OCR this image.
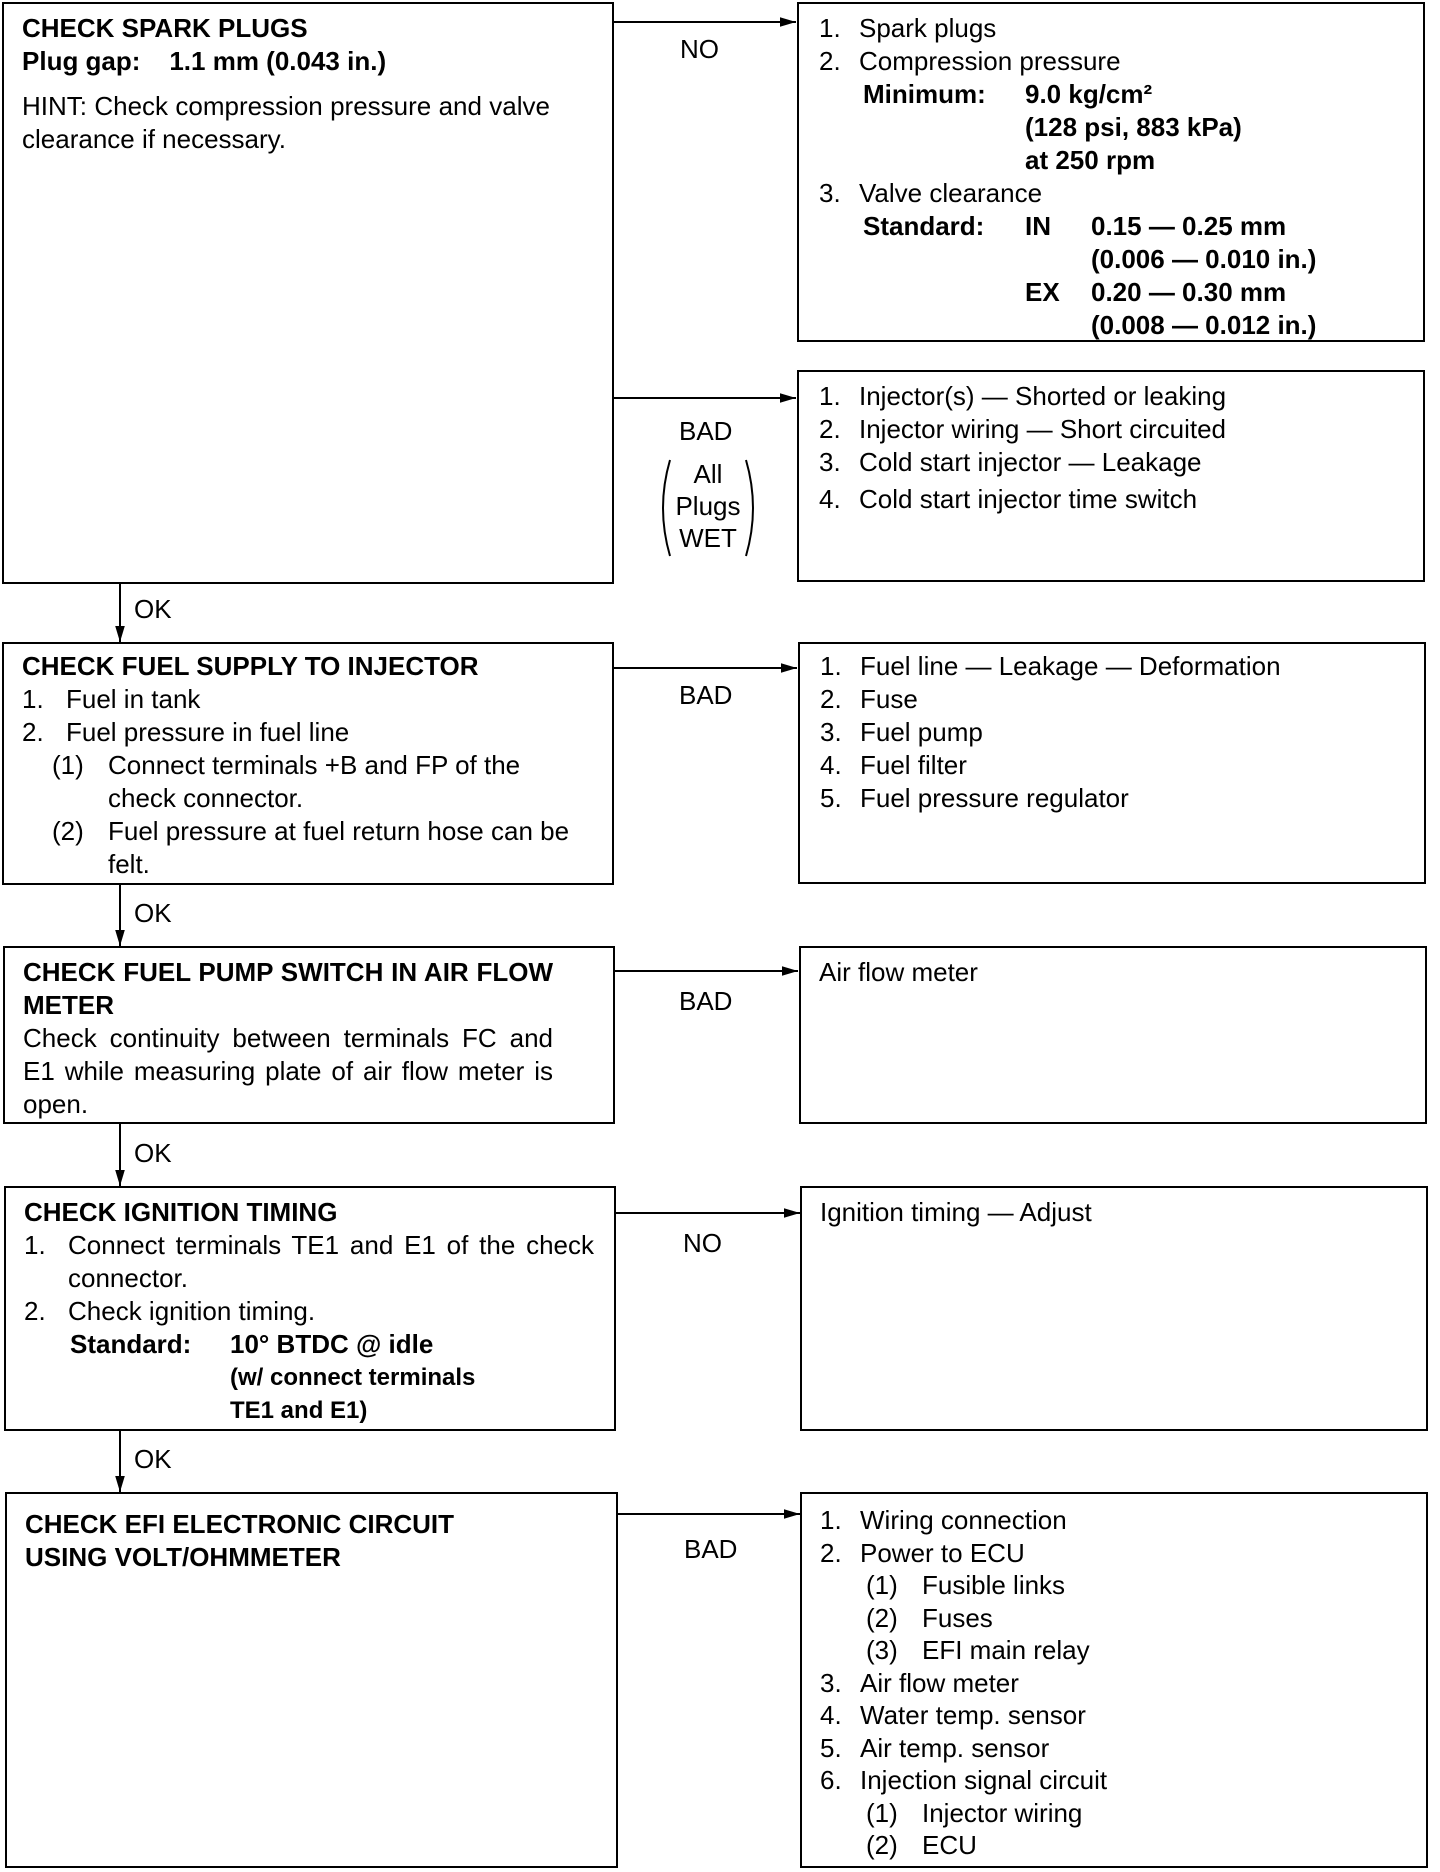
CHECK SPARK PLUGS
Plug gap: 1.1 mm (0.043 in.)
HINT: Check compression pressure and valve clearance if necessary.
NO
1. Spark plugs
2. Compression pressure
Minimum:	9.0 kg/cm²
(128 psi, 883 kPa)
at 250 rpm
3. Valve clearance
Standard:	IN	0.15 — 0.25 mm
(0.006 — 0.010 in.)
EX	0.20 — 0.30 mm
(0.008 — 0.012 in.)
BAD
All
Plugs
WET
1. Injector(s) — Shorted or leaking
2. Injector wiring — Short circuited
3. Cold start injector — Leakage
4. Cold start injector time switch
OK
CHECK FUEL SUPPLY TO INJECTOR
1. Fuel in tank
2. Fuel pressure in fuel line
(1) Connect terminals +B and FP of the check connector.
(2) Fuel pressure at fuel return hose can be felt.
BAD
1. Fuel line — Leakage — Deformation
2. Fuse
3. Fuel pump
4. Fuel filter
5. Fuel pressure regulator
OK
CHECK FUEL PUMP SWITCH IN AIR FLOW METER
Check continuity between terminals FC and E1 while measuring plate of air flow meter is open.
BAD
Air flow meter
OK
CHECK IGNITION TIMING
1. Connect terminals TE1 and E1 of the check connector.
2. Check ignition timing.
Standard:	10° BTDC @ idle
(w/ connect terminals
TE1 and E1)
NO
Ignition timing — Adjust
OK
CHECK EFI ELECTRONIC CIRCUIT
USING VOLT/OHMMETER	BAD
1. Wiring connection
2. Power to ECU
(1) Fusible links
(2) Fuses
(3) EFI main relay
3. Air flow meter
4. Water temp. sensor
5. Air temp. sensor
6. Injection signal circuit
(1) Injector wiring
(2) ECU
